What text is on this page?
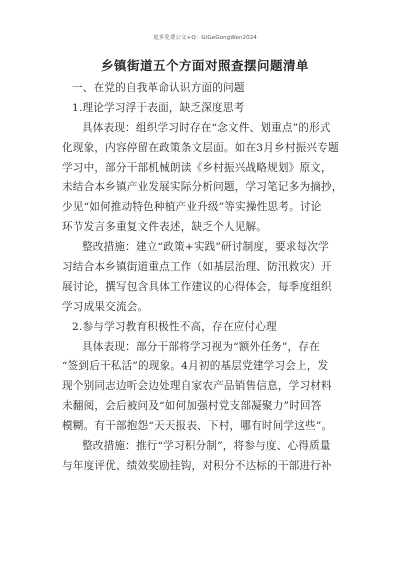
更多免费公文+Q：GiGeGongWen2024
乡镇街道五个方面对照查摆问题清单
一、在党的自我革命认识方面的问题
1.理论学习浮于表面，缺乏深度思考
具体表现：组织学习时存在“念文件、划重点”的形式
化现象，内容停留在政策条文层面。如在3月乡村振兴专题
学习中，部分干部机械朗读《乡村振兴战略规划》原文，
未结合本乡镇产业发展实际分析问题，学习笔记多为摘抄，
少见“如何推动特色种植产业升级”等实操性思考。讨论
环节发言多重复文件表述，缺乏个人见解。
整改措施：建立“政策+实践”研讨制度，要求每次学
习结合本乡镇街道重点工作（如基层治理、防汛救灾）开
展讨论，撰写包含具体工作建议的心得体会，每季度组织
学习成果交流会。
2.参与学习教育积极性不高，存在应付心理
具体表现：部分干部将学习视为“额外任务”，存在
“签到后干私活”的现象。4月初的基层党建学习会上，发
现个别同志边听会边处理自家农产品销售信息，学习材料
未翻阅，会后被问及“如何加强村党支部凝聚力”时回答
模糊。有干部抱怨“天天报表、下村，哪有时间学这些”。
整改措施：推行“学习积分制”，将参与度、心得质量
与年度评优、绩效奖励挂钩，对积分不达标的干部进行补
